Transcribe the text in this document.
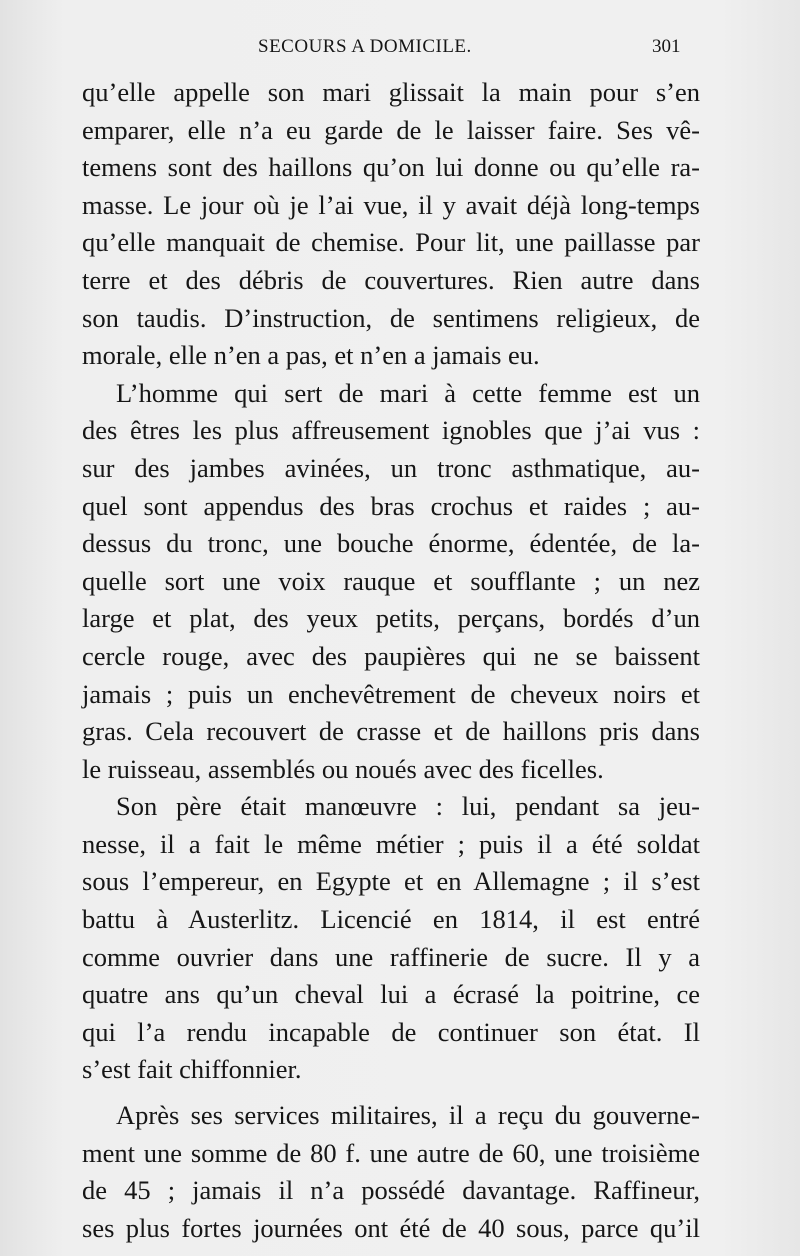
SECOURS A DOMICILE.	301
qu’elle appelle son mari glissait la main pour s’en
emparer, elle n’a eu garde de le laisser faire. Ses vê-
temens sont des haillons qu’on lui donne ou qu’elle ra-
masse. Le jour où je l’ai vue, il y avait déjà long-temps
qu’elle manquait de chemise. Pour lit, une paillasse par
terre et des débris de couvertures. Rien autre dans
son taudis. D’instruction, de sentimens religieux, de
morale, elle n’en a pas, et n’en a jamais eu.
L’homme qui sert de mari à cette femme est un
des êtres les plus affreusement ignobles que j’ai vus :
sur des jambes avinées, un tronc asthmatique, au-
quel sont appendus des bras crochus et raides ; au-
dessus du tronc, une bouche énorme, édentée, de la-
quelle sort une voix rauque et soufflante ; un nez
large et plat, des yeux petits, perçans, bordés d’un
cercle rouge, avec des paupières qui ne se baissent
jamais ; puis un enchevêtrement de cheveux noirs et
gras. Cela recouvert de crasse et de haillons pris dans
le ruisseau, assemblés ou noués avec des ficelles.
Son père était manœuvre : lui, pendant sa jeu-
nesse, il a fait le même métier ; puis il a été soldat
sous l’empereur, en Egypte et en Allemagne ; il s’est
battu à Austerlitz. Licencié en 1814, il est entré
comme ouvrier dans une raffinerie de sucre. Il y a
quatre ans qu’un cheval lui a écrasé la poitrine, ce
qui l’a rendu incapable de continuer son état. Il
s’est fait chiffonnier.
Après ses services militaires, il a reçu du gouverne-
ment une somme de 80 f. une autre de 60, une troisième
de 45 ; jamais il n’a possédé davantage. Raffineur,
ses plus fortes journées ont été de 40 sous, parce qu’il
